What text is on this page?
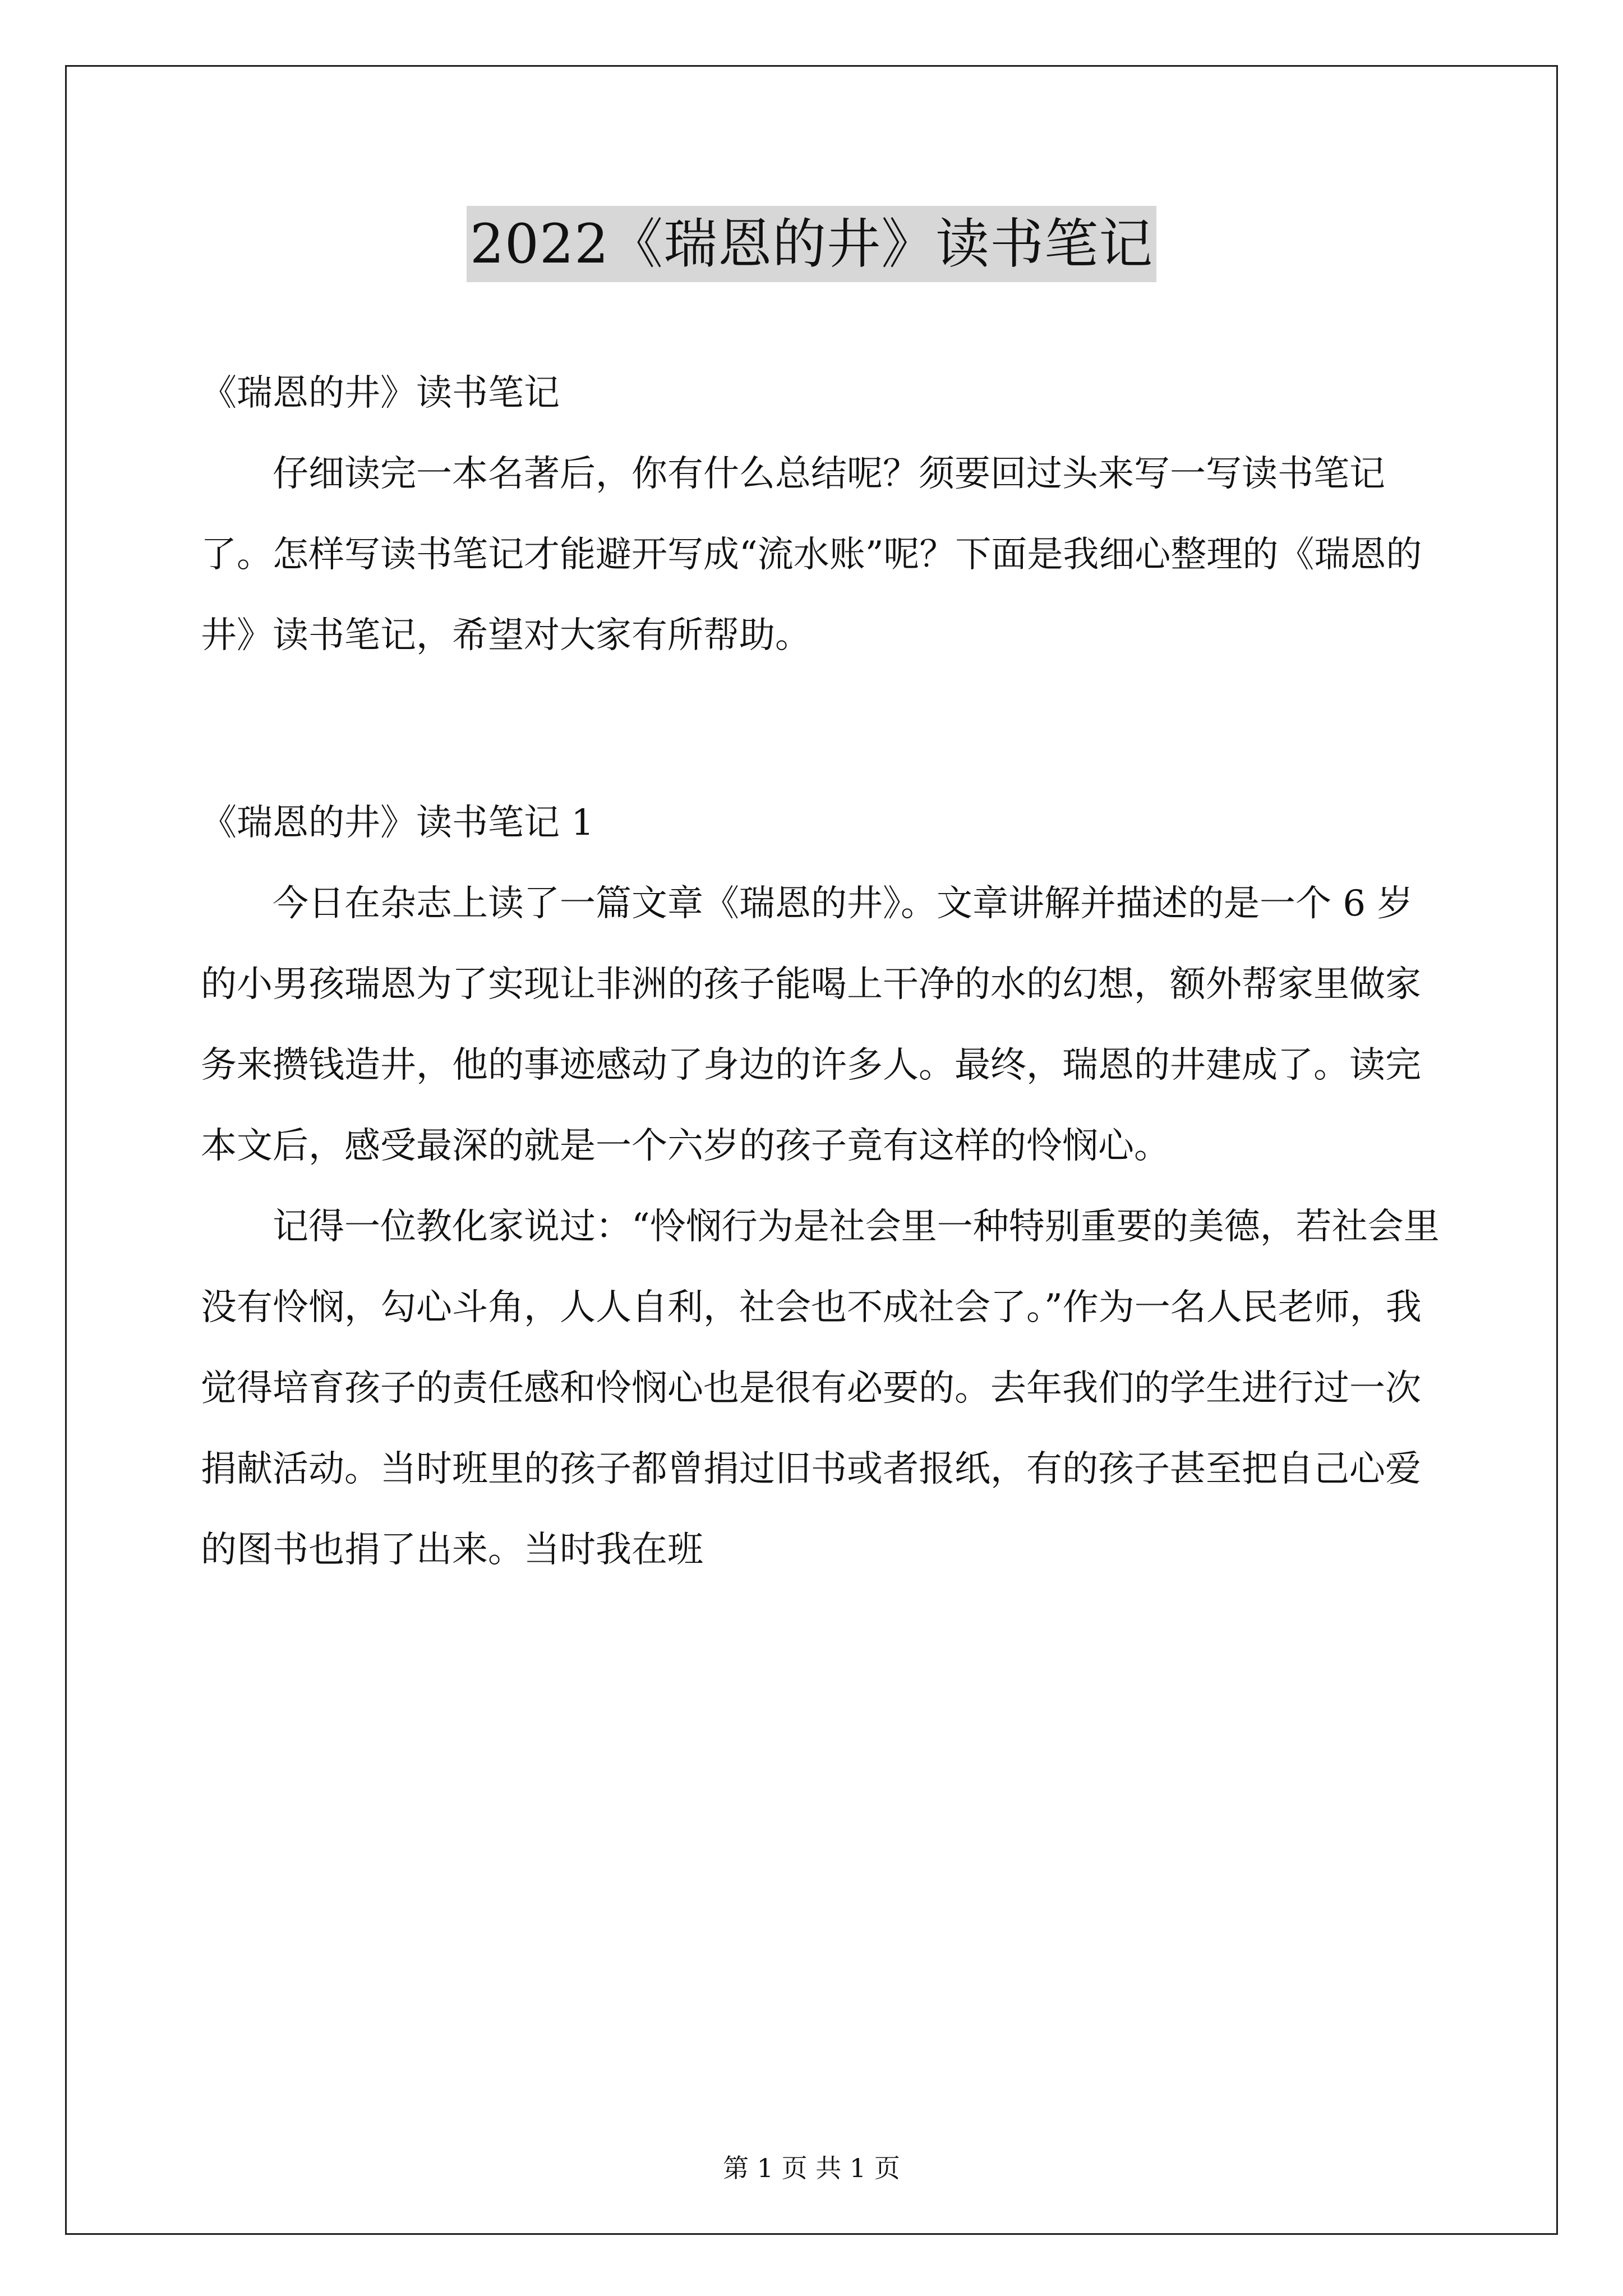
2022《瑞恩的井》读书笔记

《瑞恩的井》读书笔记

仔细读完一本名著后，你有什么总结呢？须要回过头来写一写读书笔记了。怎样写读书笔记才能避开写成“流水账”呢？下面是我细心整理的《瑞恩的井》读书笔记，希望对大家有所帮助。

《瑞恩的井》读书笔记 1

今日在杂志上读了一篇文章《瑞恩的井》。文章讲解并描述的是一个 6 岁的小男孩瑞恩为了实现让非洲的孩子能喝上干净的水的幻想，额外帮家里做家务来攒钱造井，他的事迹感动了身边的许多人。最终，瑞恩的井建成了。读完本文后，感受最深的就是一个六岁的孩子竟有这样的怜悯心。

记得一位教化家说过：“怜悯行为是社会里一种特别重要的美德，若社会里没有怜悯，勾心斗角，人人自利，社会也不成社会了。”作为一名人民老师，我觉得培育孩子的责任感和怜悯心也是很有必要的。去年我们的学生进行过一次捐献活动。当时班里的孩子都曾捐过旧书或者报纸，有的孩子甚至把自己心爱的图书也捐了出来。当时我在班

第 1 页 共 1 页
